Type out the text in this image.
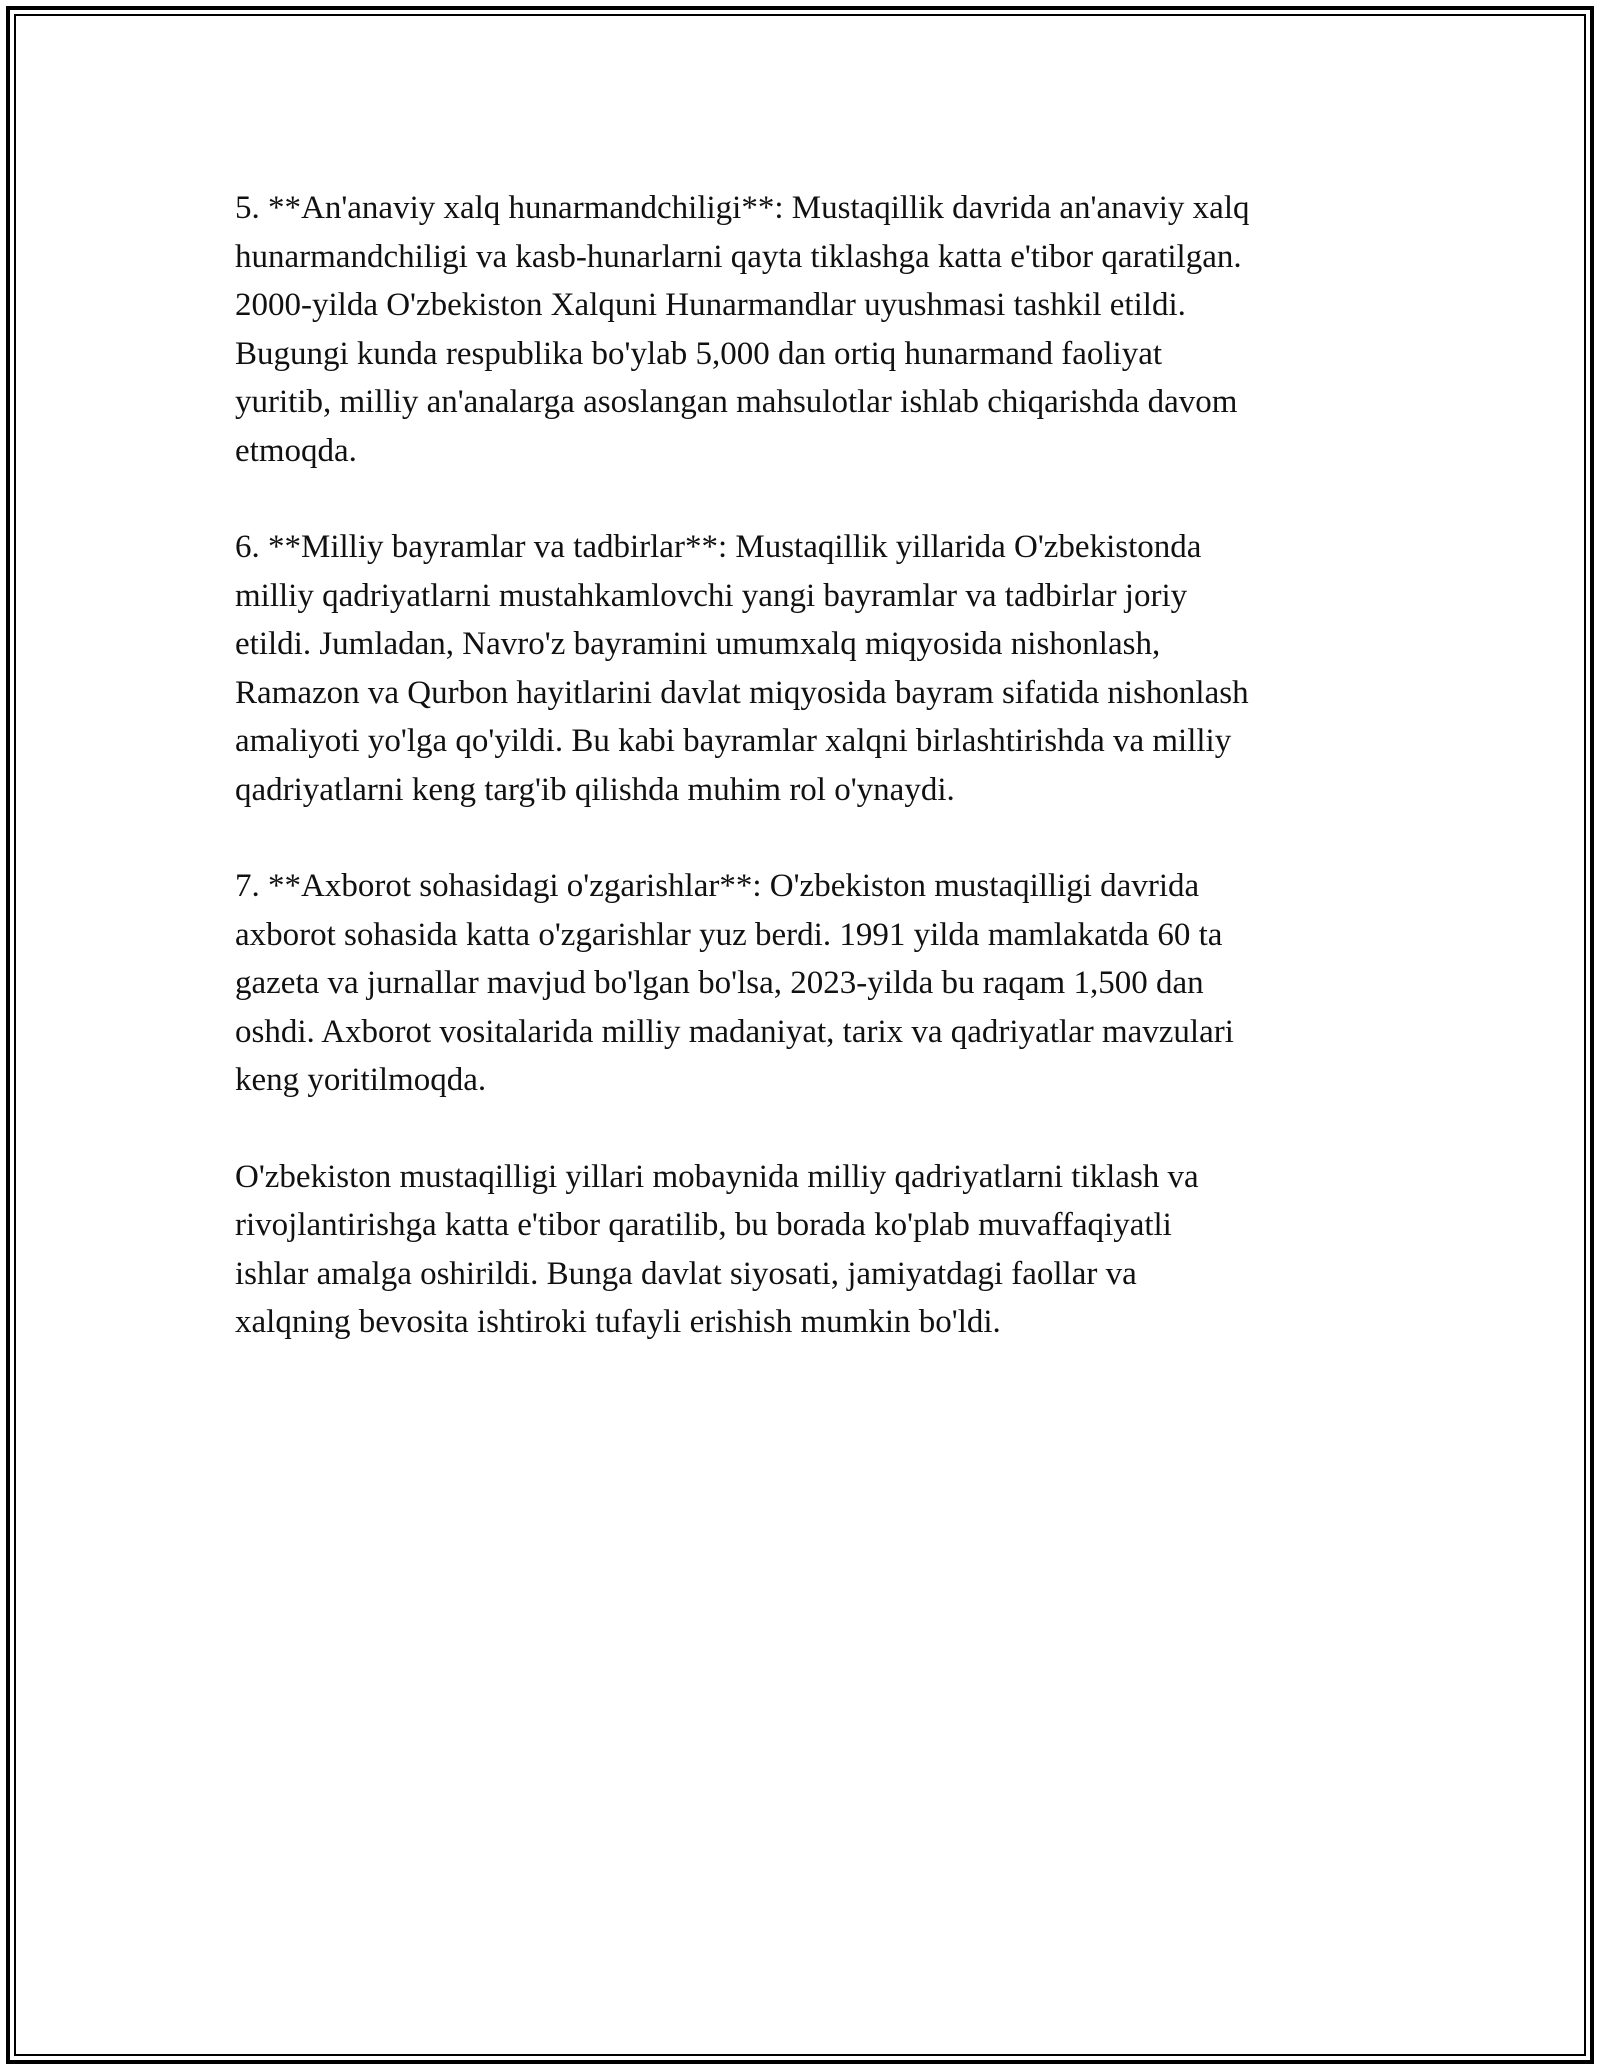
5. **An'anaviy xalq hunarmandchiligi**: Mustaqillik davrida an'anaviy xalq
hunarmandchiligi va kasb-hunarlarni qayta tiklashga katta e'tibor qaratilgan.
2000-yilda O'zbekiston Xalquni Hunarmandlar uyushmasi tashkil etildi.
Bugungi kunda respublika bo'ylab 5,000 dan ortiq hunarmand faoliyat
yuritib, milliy an'analarga asoslangan mahsulotlar ishlab chiqarishda davom
etmoqda.

6. **Milliy bayramlar va tadbirlar**: Mustaqillik yillarida O'zbekistonda
milliy qadriyatlarni mustahkamlovchi yangi bayramlar va tadbirlar joriy
etildi. Jumladan, Navro'z bayramini umumxalq miqyosida nishonlash,
Ramazon va Qurbon hayitlarini davlat miqyosida bayram sifatida nishonlash
amaliyoti yo'lga qo'yildi. Bu kabi bayramlar xalqni birlashtirishda va milliy
qadriyatlarni keng targ'ib qilishda muhim rol o'ynaydi.

7. **Axborot sohasidagi o'zgarishlar**: O'zbekiston mustaqilligi davrida
axborot sohasida katta o'zgarishlar yuz berdi. 1991 yilda mamlakatda 60 ta
gazeta va jurnallar mavjud bo'lgan bo'lsa, 2023-yilda bu raqam 1,500 dan
oshdi. Axborot vositalarida milliy madaniyat, tarix va qadriyatlar mavzulari
keng yoritilmoqda.

O'zbekiston mustaqilligi yillari mobaynida milliy qadriyatlarni tiklash va
rivojlantirishga katta e'tibor qaratilib, bu borada ko'plab muvaffaqiyatli
ishlar amalga oshirildi. Bunga davlat siyosati, jamiyatdagi faollar va
xalqning bevosita ishtiroki tufayli erishish mumkin bo'ldi.
